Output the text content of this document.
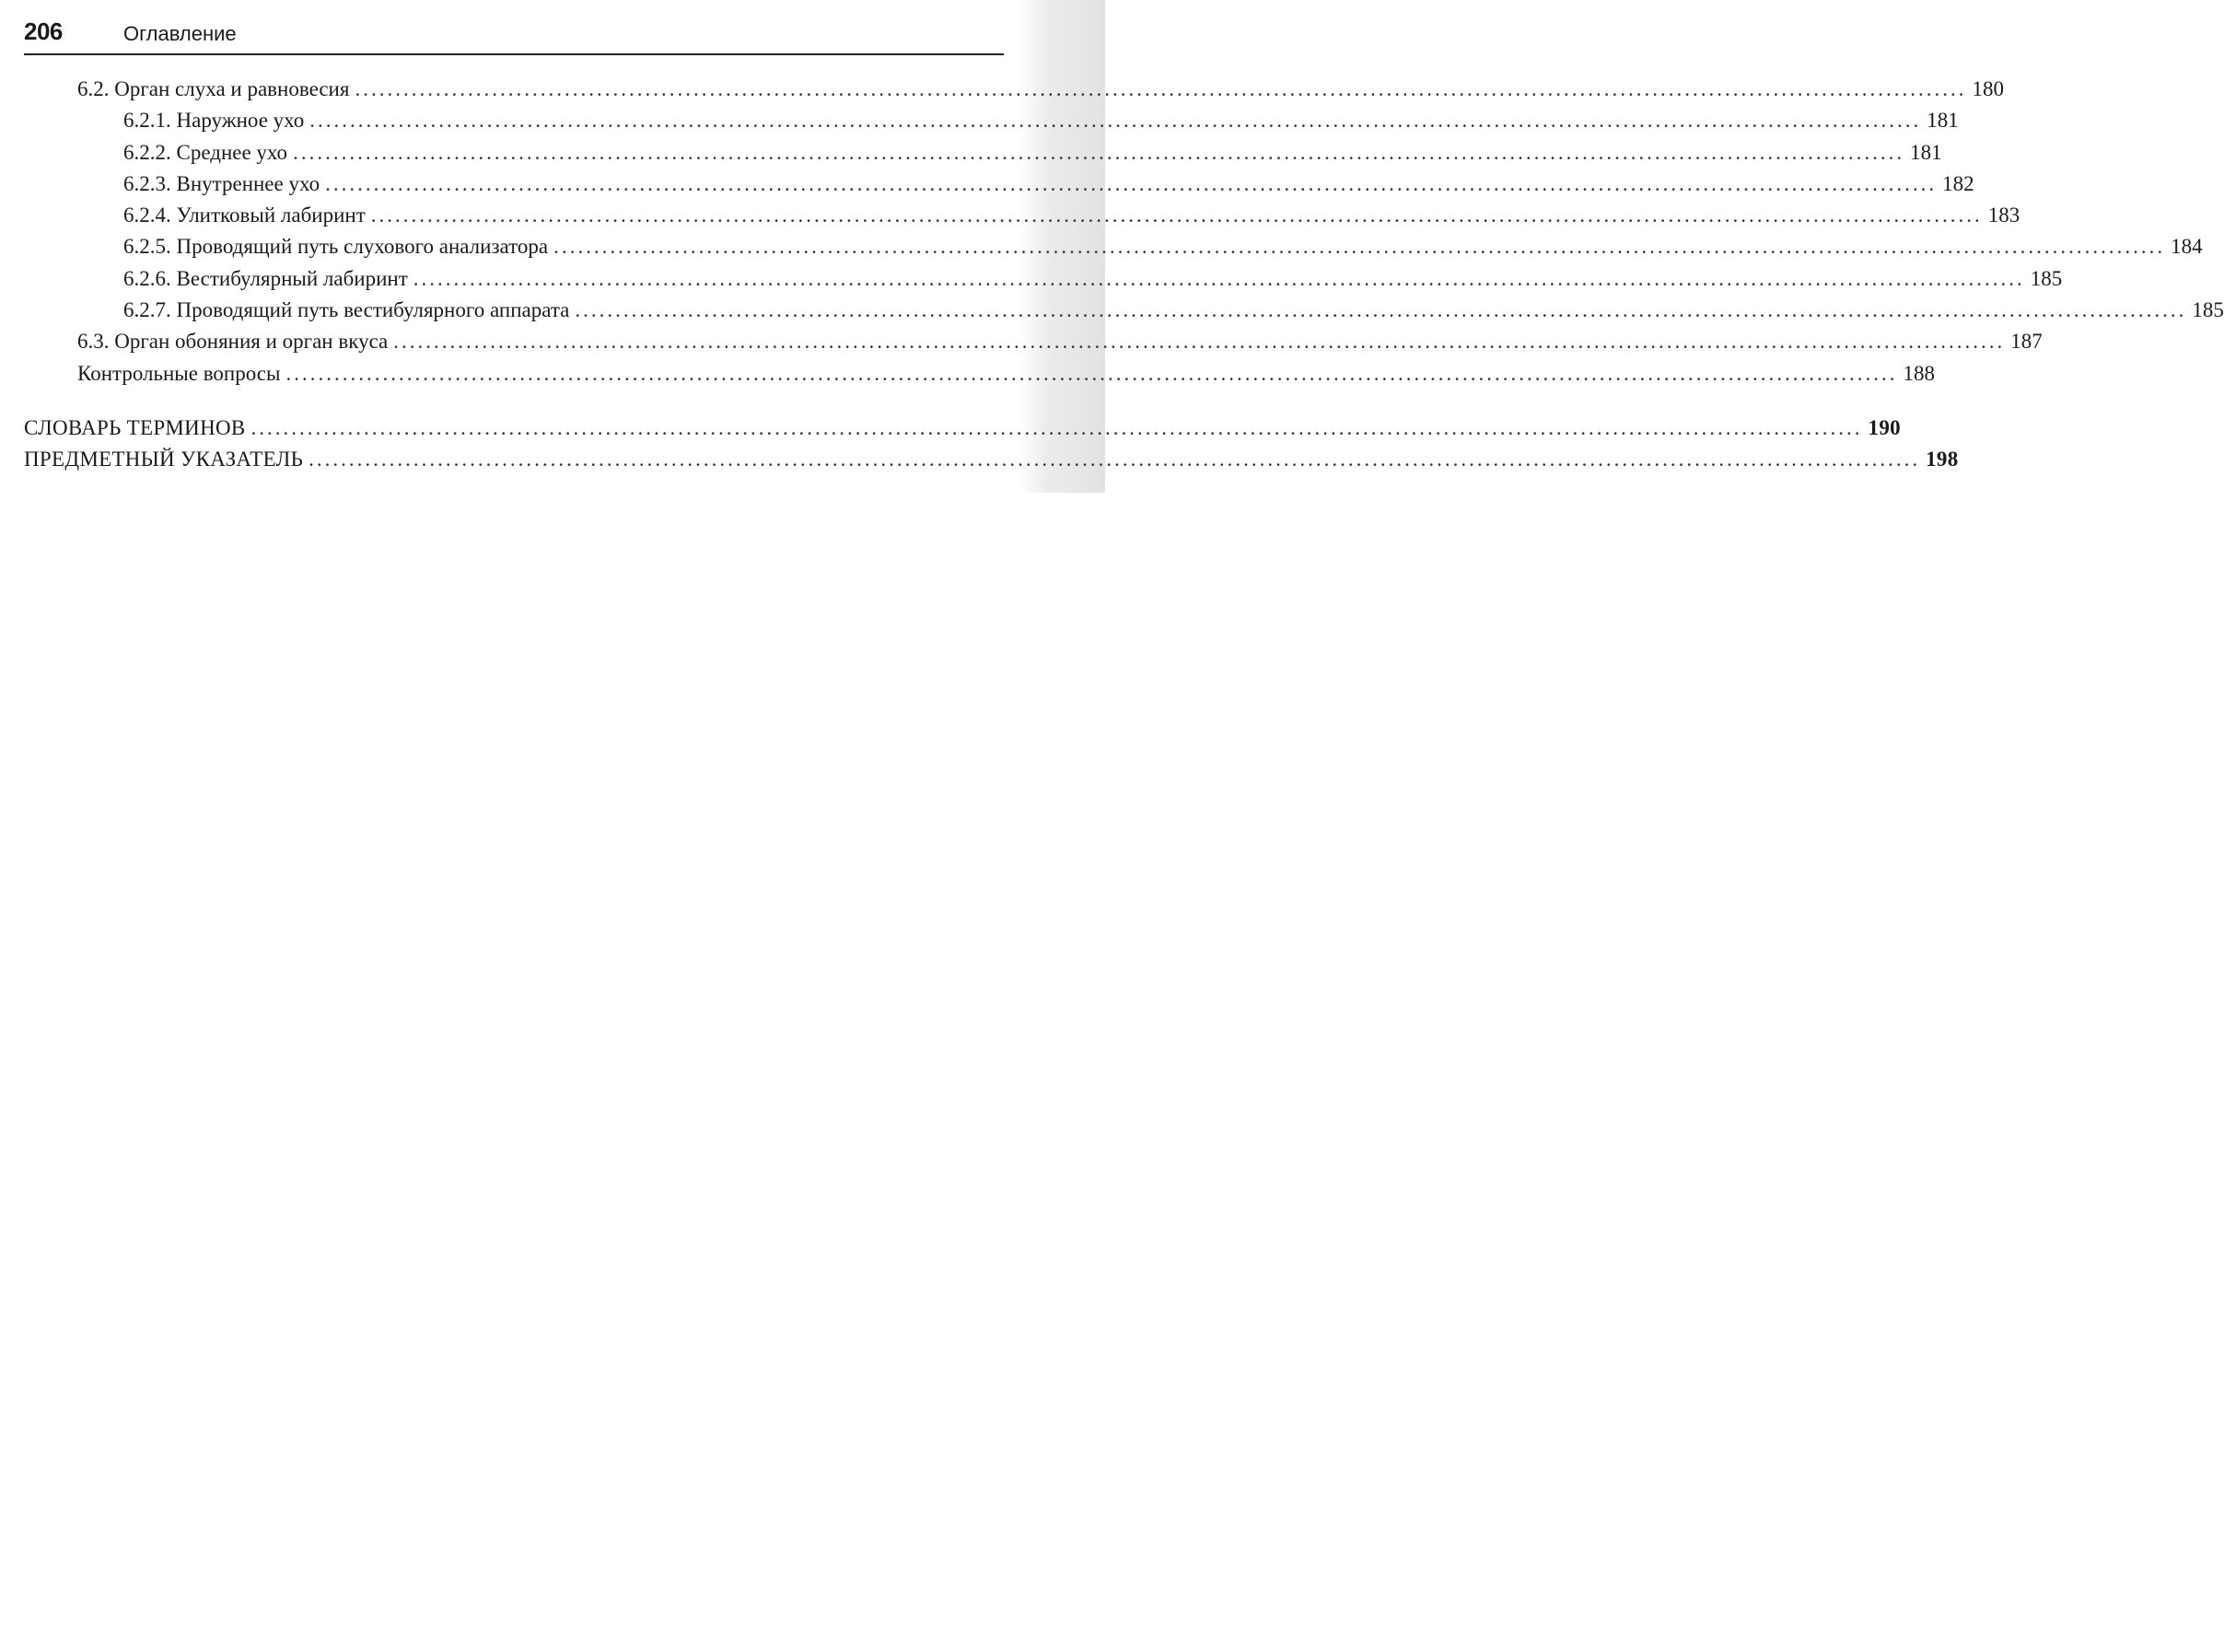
206	Оглавление
6.2. Орган слуха и равновесия ........................................................................................................................................................................................................ 180
6.2.1. Наружное ухо ........................................................................................................................................................................................................ 181
6.2.2. Среднее ухо ........................................................................................................................................................................................................ 181
6.2.3. Внутреннее ухо ........................................................................................................................................................................................................ 182
6.2.4. Улитковый лабиринт ........................................................................................................................................................................................................ 183
6.2.5. Проводящий путь слухового анализатора ........................................................................................................................................................................................................ 184
6.2.6. Вестибулярный лабиринт ........................................................................................................................................................................................................ 185
6.2.7. Проводящий путь вестибулярного аппарата ........................................................................................................................................................................................................ 185
6.3. Орган обоняния и орган вкуса ........................................................................................................................................................................................................ 187
Контрольные вопросы ........................................................................................................................................................................................................ 188
СЛОВАРЬ ТЕРМИНОВ ........................................................................................................................................................................................................ 190
ПРЕДМЕТНЫЙ УКАЗАТЕЛЬ ........................................................................................................................................................................................................ 198
